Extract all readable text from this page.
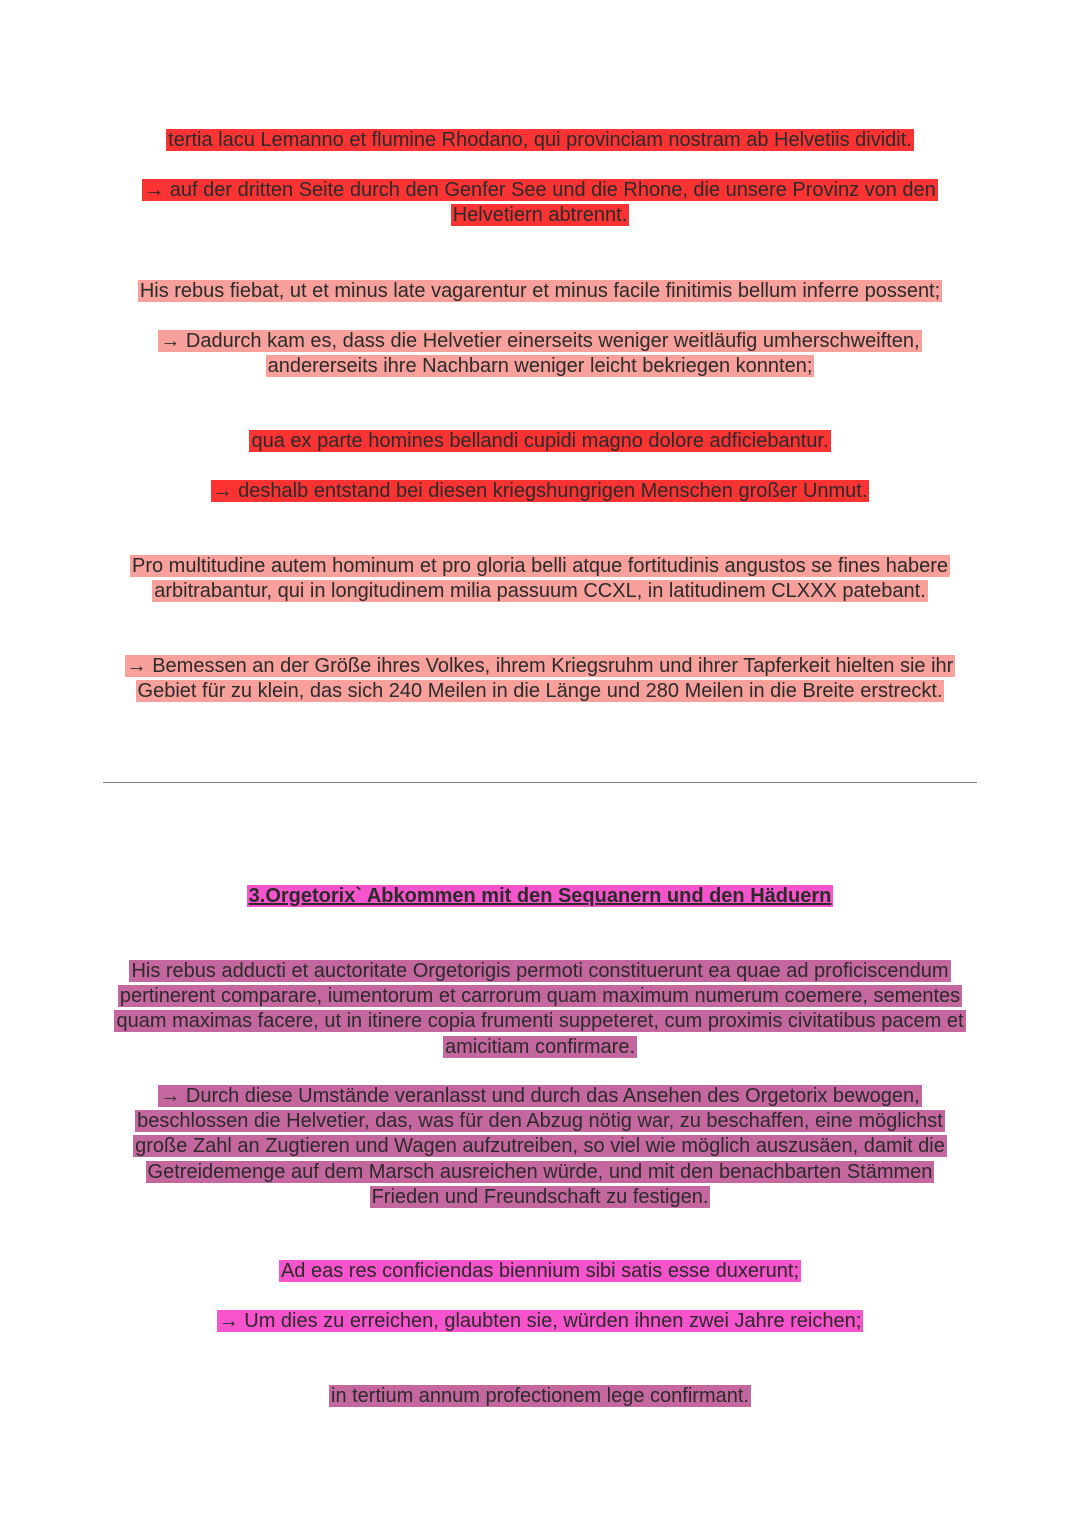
tertia lacu Lemanno et flumine Rhodano, qui provinciam nostram ab Helvetiis dividit.

→ auf der dritten Seite durch den Genfer See und die Rhone, die unsere Provinz von den Helvetiern abtrennt.

His rebus fiebat, ut et minus late vagarentur et minus facile finitimis bellum inferre possent;

→ Dadurch kam es, dass die Helvetier einerseits weniger weitläufig umherschweiften, andererseits ihre Nachbarn weniger leicht bekriegen konnten;

qua ex parte homines bellandi cupidi magno dolore adficiebantur.

→ deshalb entstand bei diesen kriegshungrigen Menschen großer Unmut.

Pro multitudine autem hominum et pro gloria belli atque fortitudinis angustos se fines habere arbitrabantur, qui in longitudinem milia passuum CCXL, in latitudinem CLXXX patebant.

→ Bemessen an der Größe ihres Volkes, ihrem Kriegsruhm und ihrer Tapferkeit hielten sie ihr Gebiet für zu klein, das sich 240 Meilen in die Länge und 280 Meilen in die Breite erstreckt.

3.Orgetorix` Abkommen mit den Sequanern und den Häduern

His rebus adducti et auctoritate Orgetorigis permoti constituerunt ea quae ad proficiscendum pertinerent comparare, iumentorum et carrorum quam maximum numerum coemere, sementes quam maximas facere, ut in itinere copia frumenti suppeteret, cum proximis civitatibus pacem et amicitiam confirmare.

→ Durch diese Umstände veranlasst und durch das Ansehen des Orgetorix bewogen, beschlossen die Helvetier, das, was für den Abzug nötig war, zu beschaffen, eine möglichst große Zahl an Zugtieren und Wagen aufzutreiben, so viel wie möglich auszusäen, damit die Getreidemenge auf dem Marsch ausreichen würde, und mit den benachbarten Stämmen Frieden und Freundschaft zu festigen.

Ad eas res conficiendas biennium sibi satis esse duxerunt;

→ Um dies zu erreichen, glaubten sie, würden ihnen zwei Jahre reichen;

in tertium annum profectionem lege confirmant.
